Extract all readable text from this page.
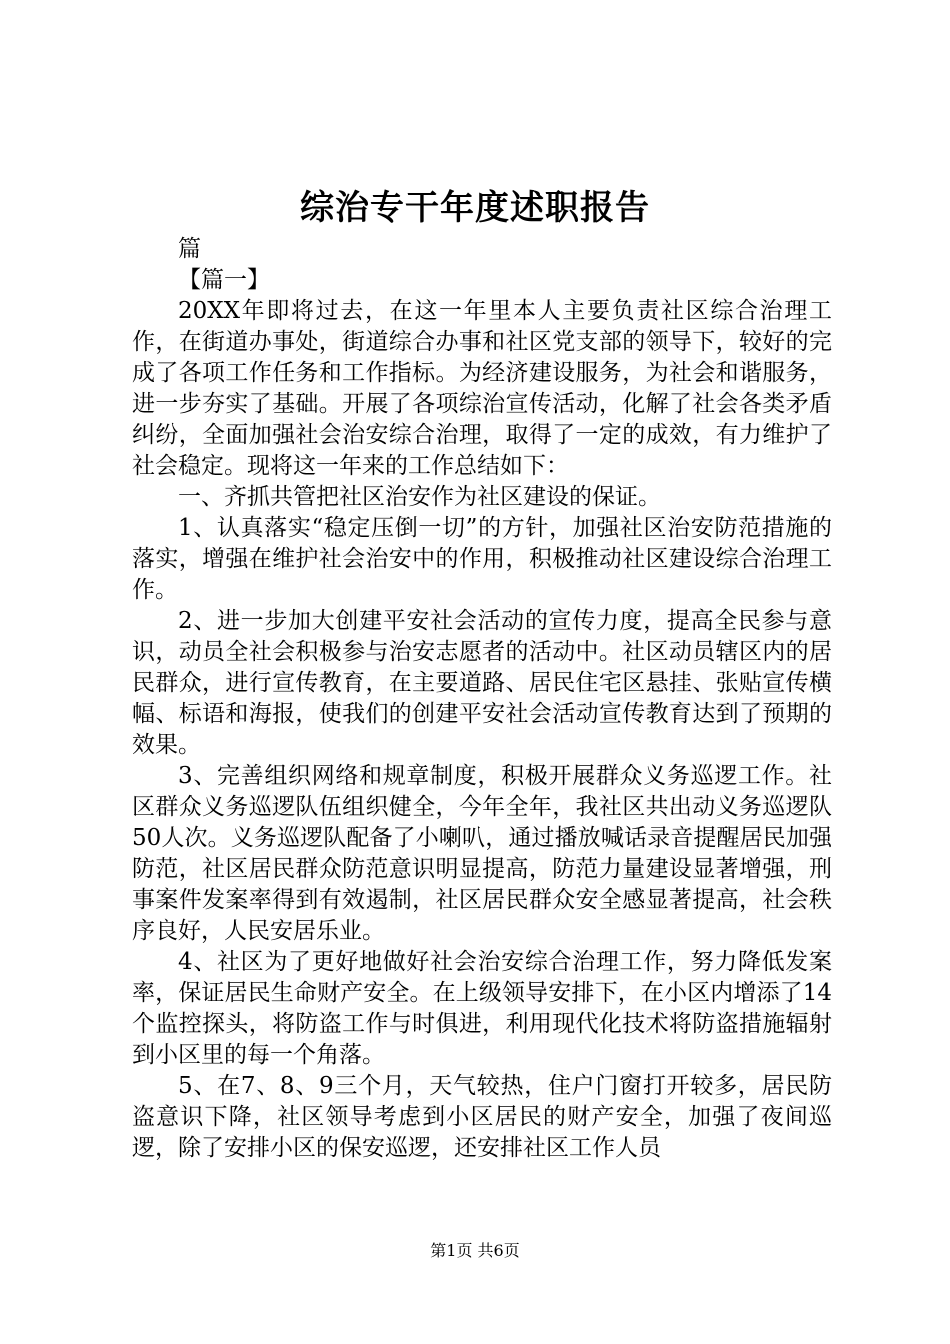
综治专干年度述职报告

篇

【篇一】

20XX年即将过去，在这一年里本人主要负责社区综合治理工作，在街道办事处，街道综合办事和社区党支部的领导下，较好的完成了各项工作任务和工作指标。为经济建设服务，为社会和谐服务，进一步夯实了基础。开展了各项综治宣传活动，化解了社会各类矛盾纠纷，全面加强社会治安综合治理，取得了一定的成效，有力维护了社会稳定。现将这一年来的工作总结如下：

一、齐抓共管把社区治安作为社区建设的保证。

1、认真落实“稳定压倒一切”的方针，加强社区治安防范措施的落实，增强在维护社会治安中的作用，积极推动社区建设综合治理工作。

2、进一步加大创建平安社会活动的宣传力度，提高全民参与意识，动员全社会积极参与治安志愿者的活动中。社区动员辖区内的居民群众，进行宣传教育，在主要道路、居民住宅区悬挂、张贴宣传横幅、标语和海报，使我们的创建平安社会活动宣传教育达到了预期的效果。

3、完善组织网络和规章制度，积极开展群众义务巡逻工作。社区群众义务巡逻队伍组织健全，今年全年，我社区共出动义务巡逻队50人次。义务巡逻队配备了小喇叭，通过播放喊话录音提醒居民加强防范，社区居民群众防范意识明显提高，防范力量建设显著增强，刑事案件发案率得到有效遏制，社区居民群众安全感显著提高，社会秩序良好，人民安居乐业。

4、社区为了更好地做好社会治安综合治理工作，努力降低发案率，保证居民生命财产安全。在上级领导安排下，在小区内增添了14个监控探头，将防盗工作与时俱进，利用现代化技术将防盗措施辐射到小区里的每一个角落。

5、在7、8、9三个月，天气较热，住户门窗打开较多，居民防盗意识下降，社区领导考虑到小区居民的财产安全，加强了夜间巡逻，除了安排小区的保安巡逻，还安排社区工作人员

第1页 共6页
